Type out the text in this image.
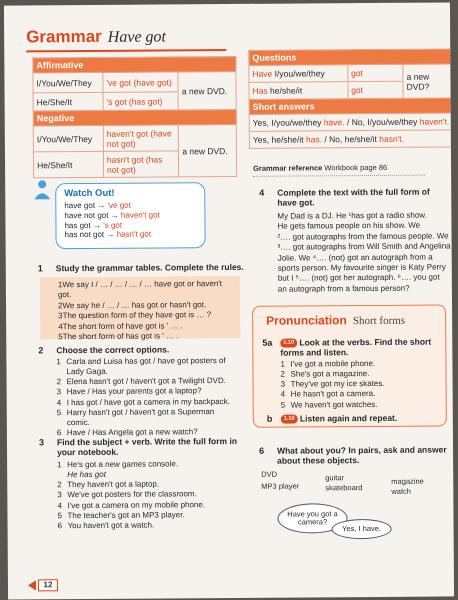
Grammar Have got
Affirmative		
I/You/We/They	've got (have got)	a new DVD.
He/She/It	's got (has got)	
Negative		
I/You/We/They	haven't got (have not got)	a new DVD.
He/She/It	hasn't got (has not got)	
Questions		
Have I/you/we/they	got	a new DVD?
Has he/she/it	got	
Short answers		
Yes, I/you/we/they have. / No, I/you/we/they haven't.		
Yes, he/she/it has. / No, he/she/it hasn't.		
Grammar reference Workbook page 86
Watch Out!
have got → 've got
have not got → haven't got
has got → 's got
has not got → hasn't got
1 Study the grammar tables. Complete the rules.
1We say I / … / … / … / … have got or haven't got.
2We say he / … / … has got or hasn't got.
3The question form of they have got is … ?
4The short form of have got is ' … .
5The short form of has got is ' … .
2 Choose the correct options.
1 Carla and Luisa has got / have got posters of
Lady Gaga.
2 Elena hasn't got / haven't got a Twilight DVD.
3 Have / Has your parents got a laptop?
4 I has got / have got a camera in my backpack.
5 Harry hasn't got / haven't got a Superman
comic.
6 Have / Has Angela got a new watch?
3 Find the subject + verb. Write the full form in your notebook.
1 He's got a new games console.
He has got
2 They haven't got a laptop.
3 We've got posters for the classroom.
4 I've got a camera on my mobile phone.
5 The teacher's got an MP3 player.
6 You haven't got a watch.
4 Complete the text with the full form of have got.
My Dad is a DJ. He ¹has got a radio show.
He gets famous people on his show. We
²…. got autographs from the famous people. We
³…. got autographs from Will Smith and Angelina
Jolie. We ⁴…. (not) got an autograph from a
sports person. My favourite singer is Katy Perry
but I ⁵…. (not) got her autograph. ⁶…. you got
an autograph from a famous person?
Pronunciation Short forms
5a	1.10 Look at the verbs. Find the short forms and listen.
1 I've got a mobile phone.
2 She's got a magazine.
3 They've got my ice skates.
4 He hasn't got a camera.
5 We haven't got watches.
b	1.10 Listen again and repeat.
6 What about you? In pairs, ask and answer about these objects.
DVD	guitar	magazine
MP3 player	skateboard	watch
Have you got a camera?
Yes, I have.
12
